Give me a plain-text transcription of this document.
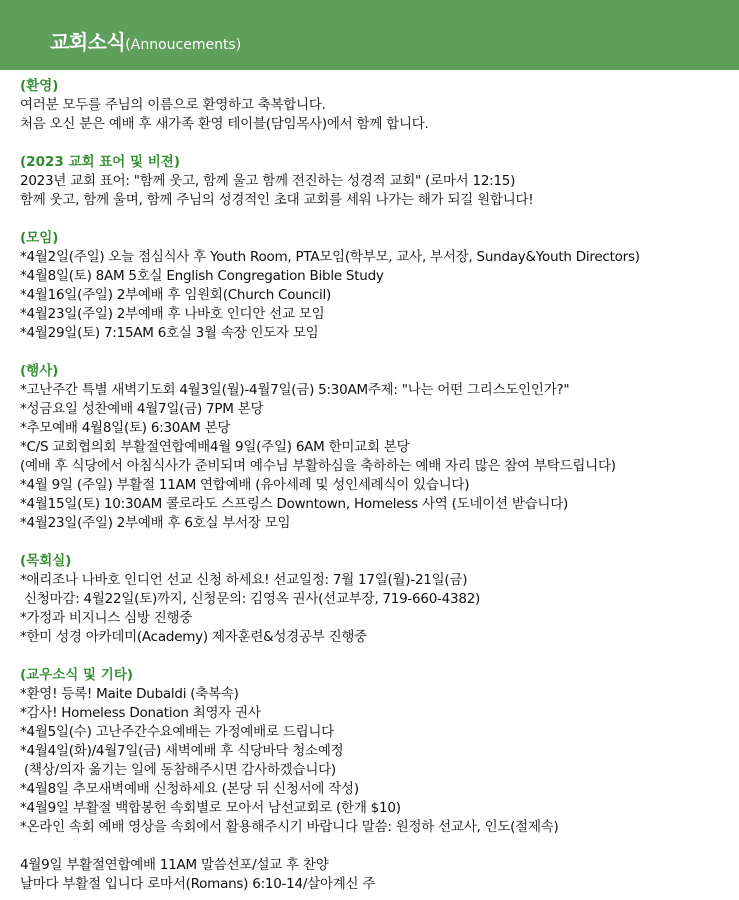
교회소식(Annoucements)
(환영)
여러분 모두를 주님의 이름으로 환영하고 축복합니다.
처음 오신 분은 예배 후 새가족 환영 테이블(담임목사)에서 함께 합니다.
(2023 교회 표어 및 비젼)
2023년 교회 표어: "함께 웃고, 함께 울고 함께 전진하는 성경적 교회" (로마서 12:15)
함께 웃고, 함께 울며, 함께 주님의 성경적인 초대 교회를 세워 나가는 해가 되길 원합니다!
(모임)
*4월2일(주일) 오늘 점심식사 후 Youth Room, PTA모임(학부모, 교사, 부서장, Sunday&Youth Directors)
*4월8일(토) 8AM 5호실 English Congregation Bible Study
*4월16일(주일) 2부예배 후 임원회(Church Council)
*4월23일(주일) 2부예배 후 나바호 인디안 선교 모임
*4월29일(토) 7:15AM 6호실 3월 속장 인도자 모임
(행사)
*고난주간 특별 새벽기도회 4월3일(월)-4월7일(금) 5:30AM주제: "나는 어떤 그리스도인인가?"
*성금요일 성찬예배 4월7일(금) 7PM 본당
*추모예배 4월8일(토) 6:30AM 본당
*C/S 교회협의회 부활절연합예배4월 9일(주일) 6AM 한미교회 본당
(예배 후 식당에서 아침식사가 준비되며 예수님 부활하심을 축하하는 예배 자리 많은 참여 부탁드립니다)
*4월 9일 (주일) 부활절 11AM 연합예배 (유아세례 및 성인세례식이 있습니다)
*4월15일(토) 10:30AM 콜로라도 스프링스 Downtown, Homeless 사역 (도네이션 받습니다)
*4월23일(주일) 2부예배 후 6호실 부서장 모임
(목회실)
*애리조나 나바호 인디언 선교 신청 하세요! 선교일정: 7월 17일(월)-21일(금)
신청마감: 4월22일(토)까지, 신청문의: 김영옥 권사(선교부장, 719-660-4382)
*가정과 비지니스 심방 진행중
*한미 성경 아카데미(Academy) 제자훈련&성경공부 진행중
(교우소식 및 기타)
*환영! 등록! Maite Dubaldi (축복속)
*감사! Homeless Donation 최영자 권사
*4월5일(수) 고난주간수요예배는 가정예배로 드립니다
*4월4일(화)/4월7일(금) 새벽예배 후 식당바닥 청소예정
(책상/의자 옮기는 일에 동참해주시면 감사하겠습니다)
*4월8일 추모새벽예배 신청하세요 (본당 뒤 신청서에 작성)
*4월9일 부활절 백합봉헌 속회별로 모아서 남선교회로 (한개 $10)
*온라인 속회 예배 영상을 속회에서 활용해주시기 바랍니다 말씀: 원정하 선교사, 인도(절제속)
4월9일 부활절연합예배 11AM 말씀선포/설교 후 찬양
날마다 부활절 입니다 로마서(Romans) 6:10-14/살아계신 주
